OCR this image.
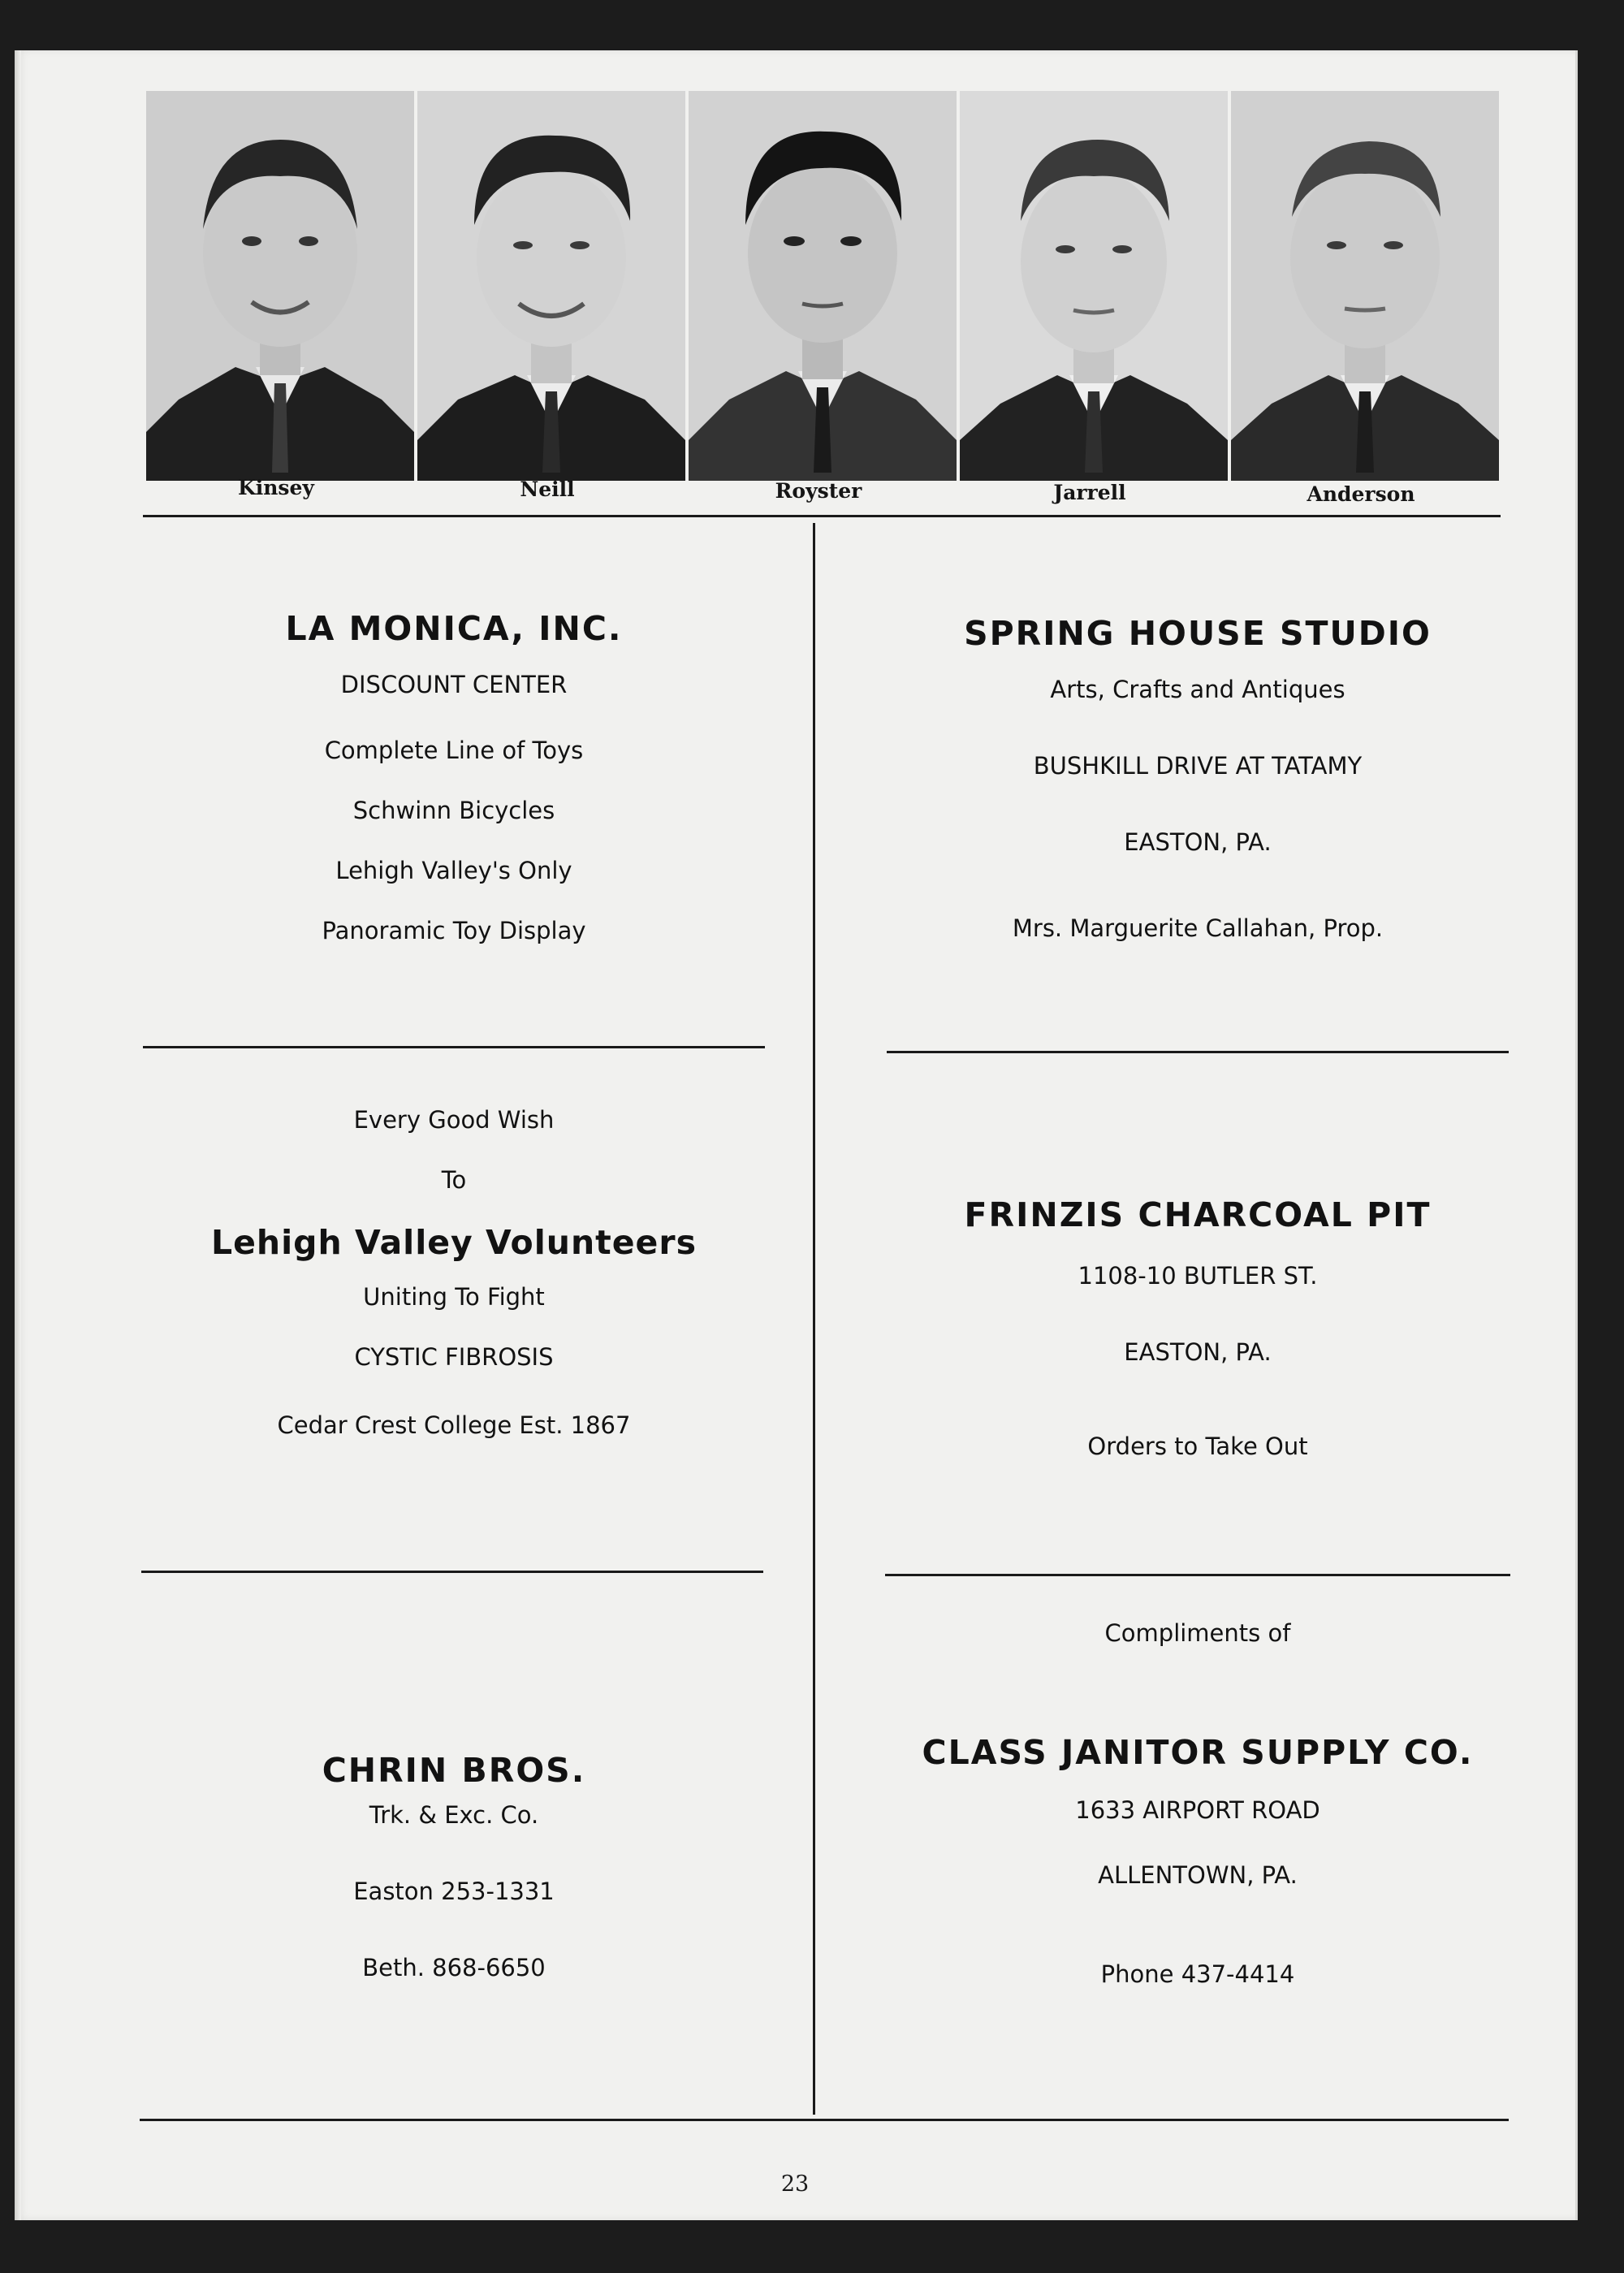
Kinsey	Neill	Royster	Jarrell	Anderson
LA MONICA, INC.
DISCOUNT CENTER
Complete Line of Toys
Schwinn Bicycles
Lehigh Valley's Only
Panoramic Toy Display
Every Good Wish
To
Lehigh Valley Volunteers
Uniting To Fight
CYSTIC FIBROSIS
Cedar Crest College Est. 1867
CHRIN BROS.
Trk. & Exc. Co.
Easton 253-1331
Beth. 868-6650
SPRING HOUSE STUDIO
Arts, Crafts and Antiques
BUSHKILL DRIVE AT TATAMY
EASTON, PA.
Mrs. Marguerite Callahan, Prop.
FRINZIS CHARCOAL PIT
1108-10 BUTLER ST.
EASTON, PA.
Orders to Take Out
Compliments of
CLASS JANITOR SUPPLY CO.
1633 AIRPORT ROAD
ALLENTOWN, PA.
Phone 437-4414
23
